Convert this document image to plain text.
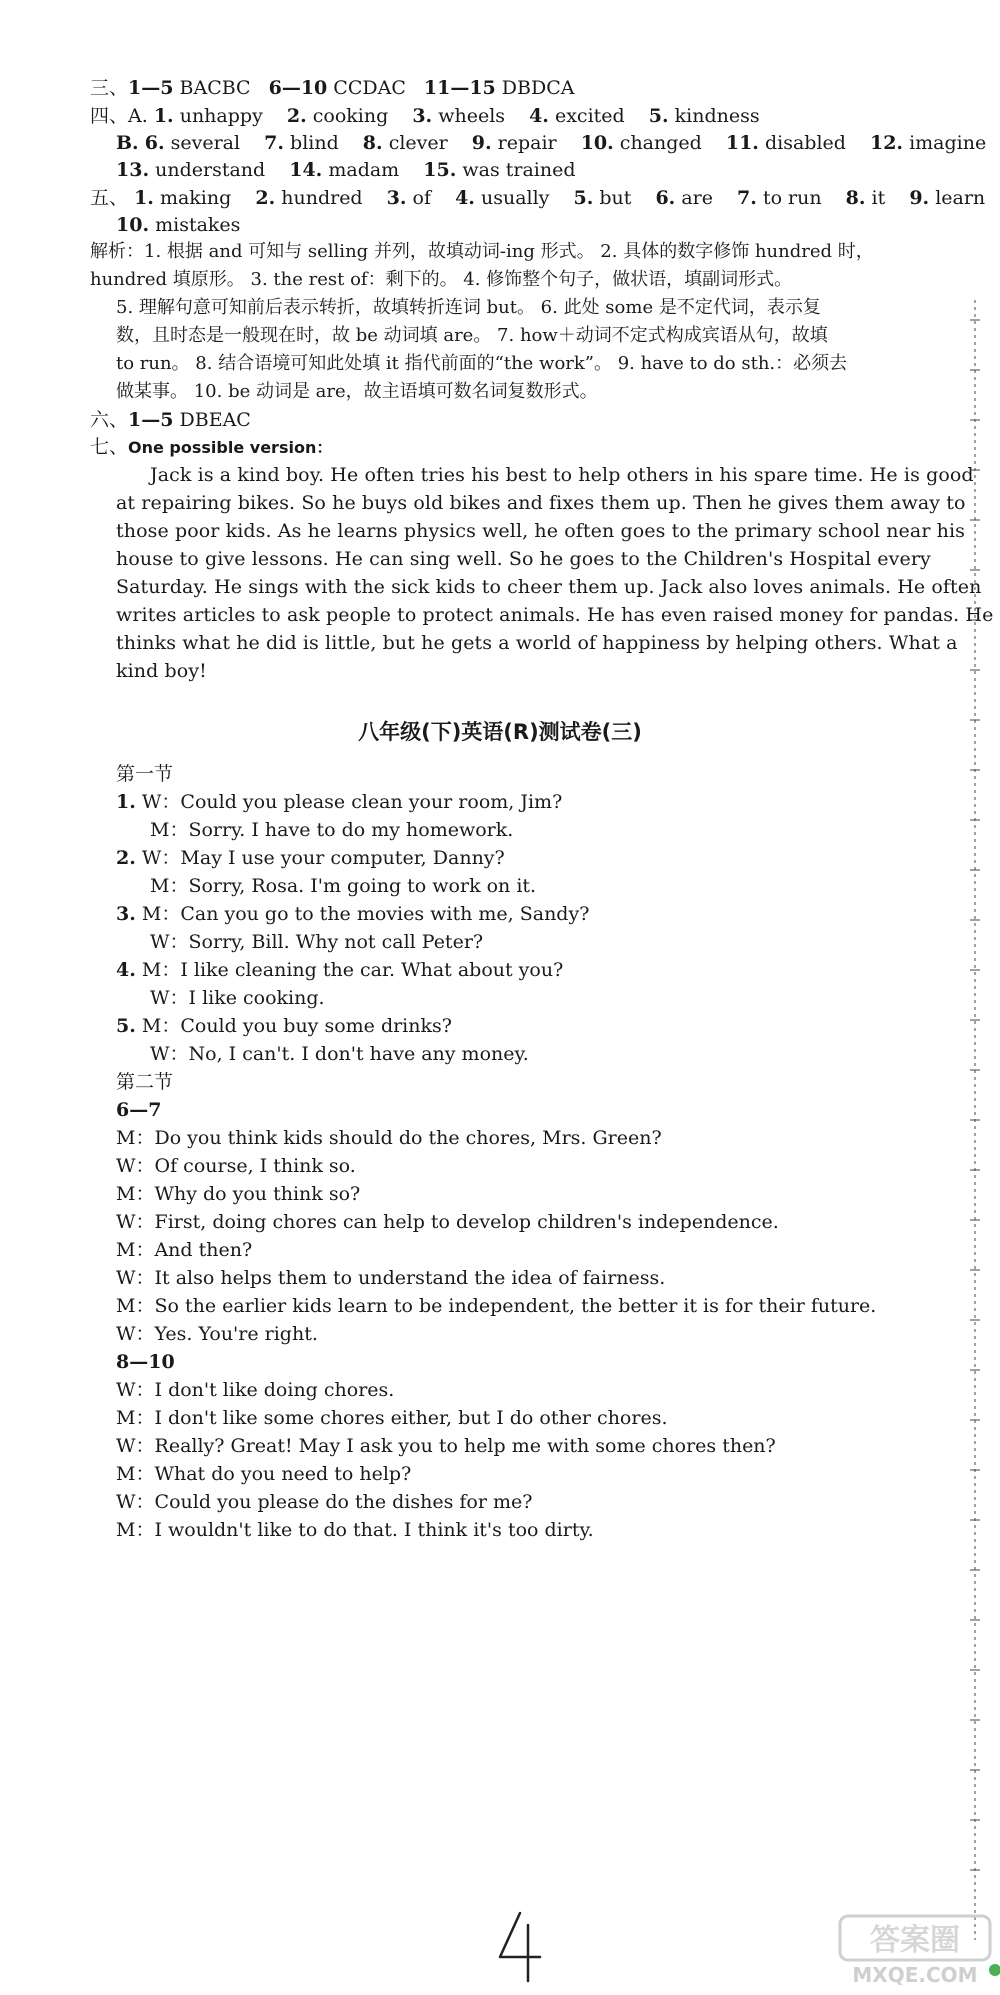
三、1—5 BACBC 6—10 CCDAC 11—15 DBDCA
四、A. 1. unhappy 2. cooking 3. wheels 4. excited 5. kindness
B. 6. several 7. blind 8. clever 9. repair 10. changed 11. disabled 12. imagine
13. understand 14. madam 15. was trained
五、 1. making 2. hundred 3. of 4. usually 5. but 6. are 7. to run 8. it 9. learn
10. mistakes
解析：1. 根据 and 可知与 selling 并列，故填动词-ing 形式。 2. 具体的数字修饰 hundred 时，
hundred 填原形。 3. the rest of：剩下的。 4. 修饰整个句子，做状语，填副词形式。
5. 理解句意可知前后表示转折，故填转折连词 but。 6. 此处 some 是不定代词，表示复
数，且时态是一般现在时，故 be 动词填 are。 7. how＋动词不定式构成宾语从句，故填
to run。 8. 结合语境可知此处填 it 指代前面的“the work”。 9. have to do sth.：必须去
做某事。 10. be 动词是 are，故主语填可数名词复数形式。
六、1—5 DBEAC
七、One possible version：
Jack is a kind boy. He often tries his best to help others in his spare time. He is good
at repairing bikes. So he buys old bikes and fixes them up. Then he gives them away to
those poor kids. As he learns physics well, he often goes to the primary school near his
house to give lessons. He can sing well. So he goes to the Children's Hospital every
Saturday. He sings with the sick kids to cheer them up. Jack also loves animals. He often
writes articles to ask people to protect animals. He has even raised money for pandas. He
thinks what he did is little, but he gets a world of happiness by helping others. What a
kind boy!
八年级(下)英语(R)测试卷(三)
第一节
1. W：Could you please clean your room, Jim?
M：Sorry. I have to do my homework.
2. W：May I use your computer, Danny?
M：Sorry, Rosa. I'm going to work on it.
3. M：Can you go to the movies with me, Sandy?
W：Sorry, Bill. Why not call Peter?
4. M：I like cleaning the car. What about you?
W：I like cooking.
5. M：Could you buy some drinks?
W：No, I can't. I don't have any money.
第二节
6—7
M：Do you think kids should do the chores, Mrs. Green?
W：Of course, I think so.
M：Why do you think so?
W：First, doing chores can help to develop children's independence.
M：And then?
W：It also helps them to understand the idea of fairness.
M：So the earlier kids learn to be independent, the better it is for their future.
W：Yes. You're right.
8—10
W：I don't like doing chores.
M：I don't like some chores either, but I do other chores.
W：Really? Great! May I ask you to help me with some chores then?
M：What do you need to help?
W：Could you please do the dishes for me?
M：I wouldn't like to do that. I think it's too dirty.
答案圈
MXQE.COM
